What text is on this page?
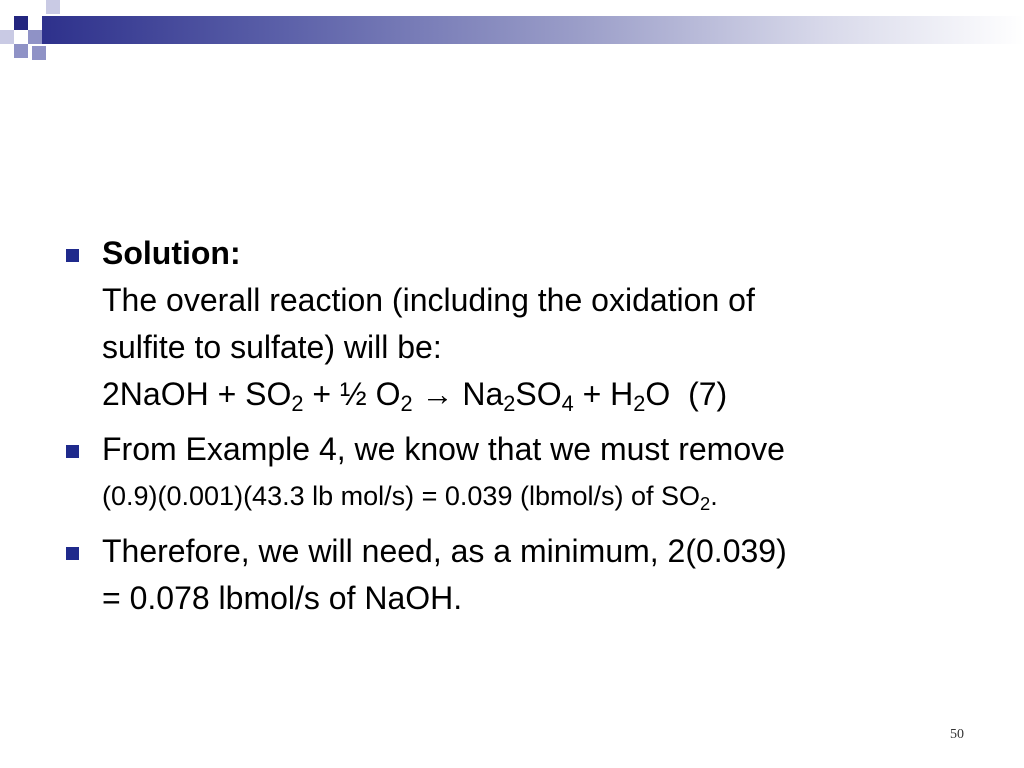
Solution:
The overall reaction (including the oxidation of
sulfite to sulfate) will be:
2NaOH + $SO_2$ + ½ $O_2 \to Na_2SO_4 + H_2O$  (7)
From Example 4, we know that we must remove
(0.9)(0.001)(43.3 lb mol/s) = 0.039 (lbmol/s) of $SO_2$.
Therefore, we will need, as a minimum, 2(0.039)
= 0.078 lbmol/s of NaOH.
50
